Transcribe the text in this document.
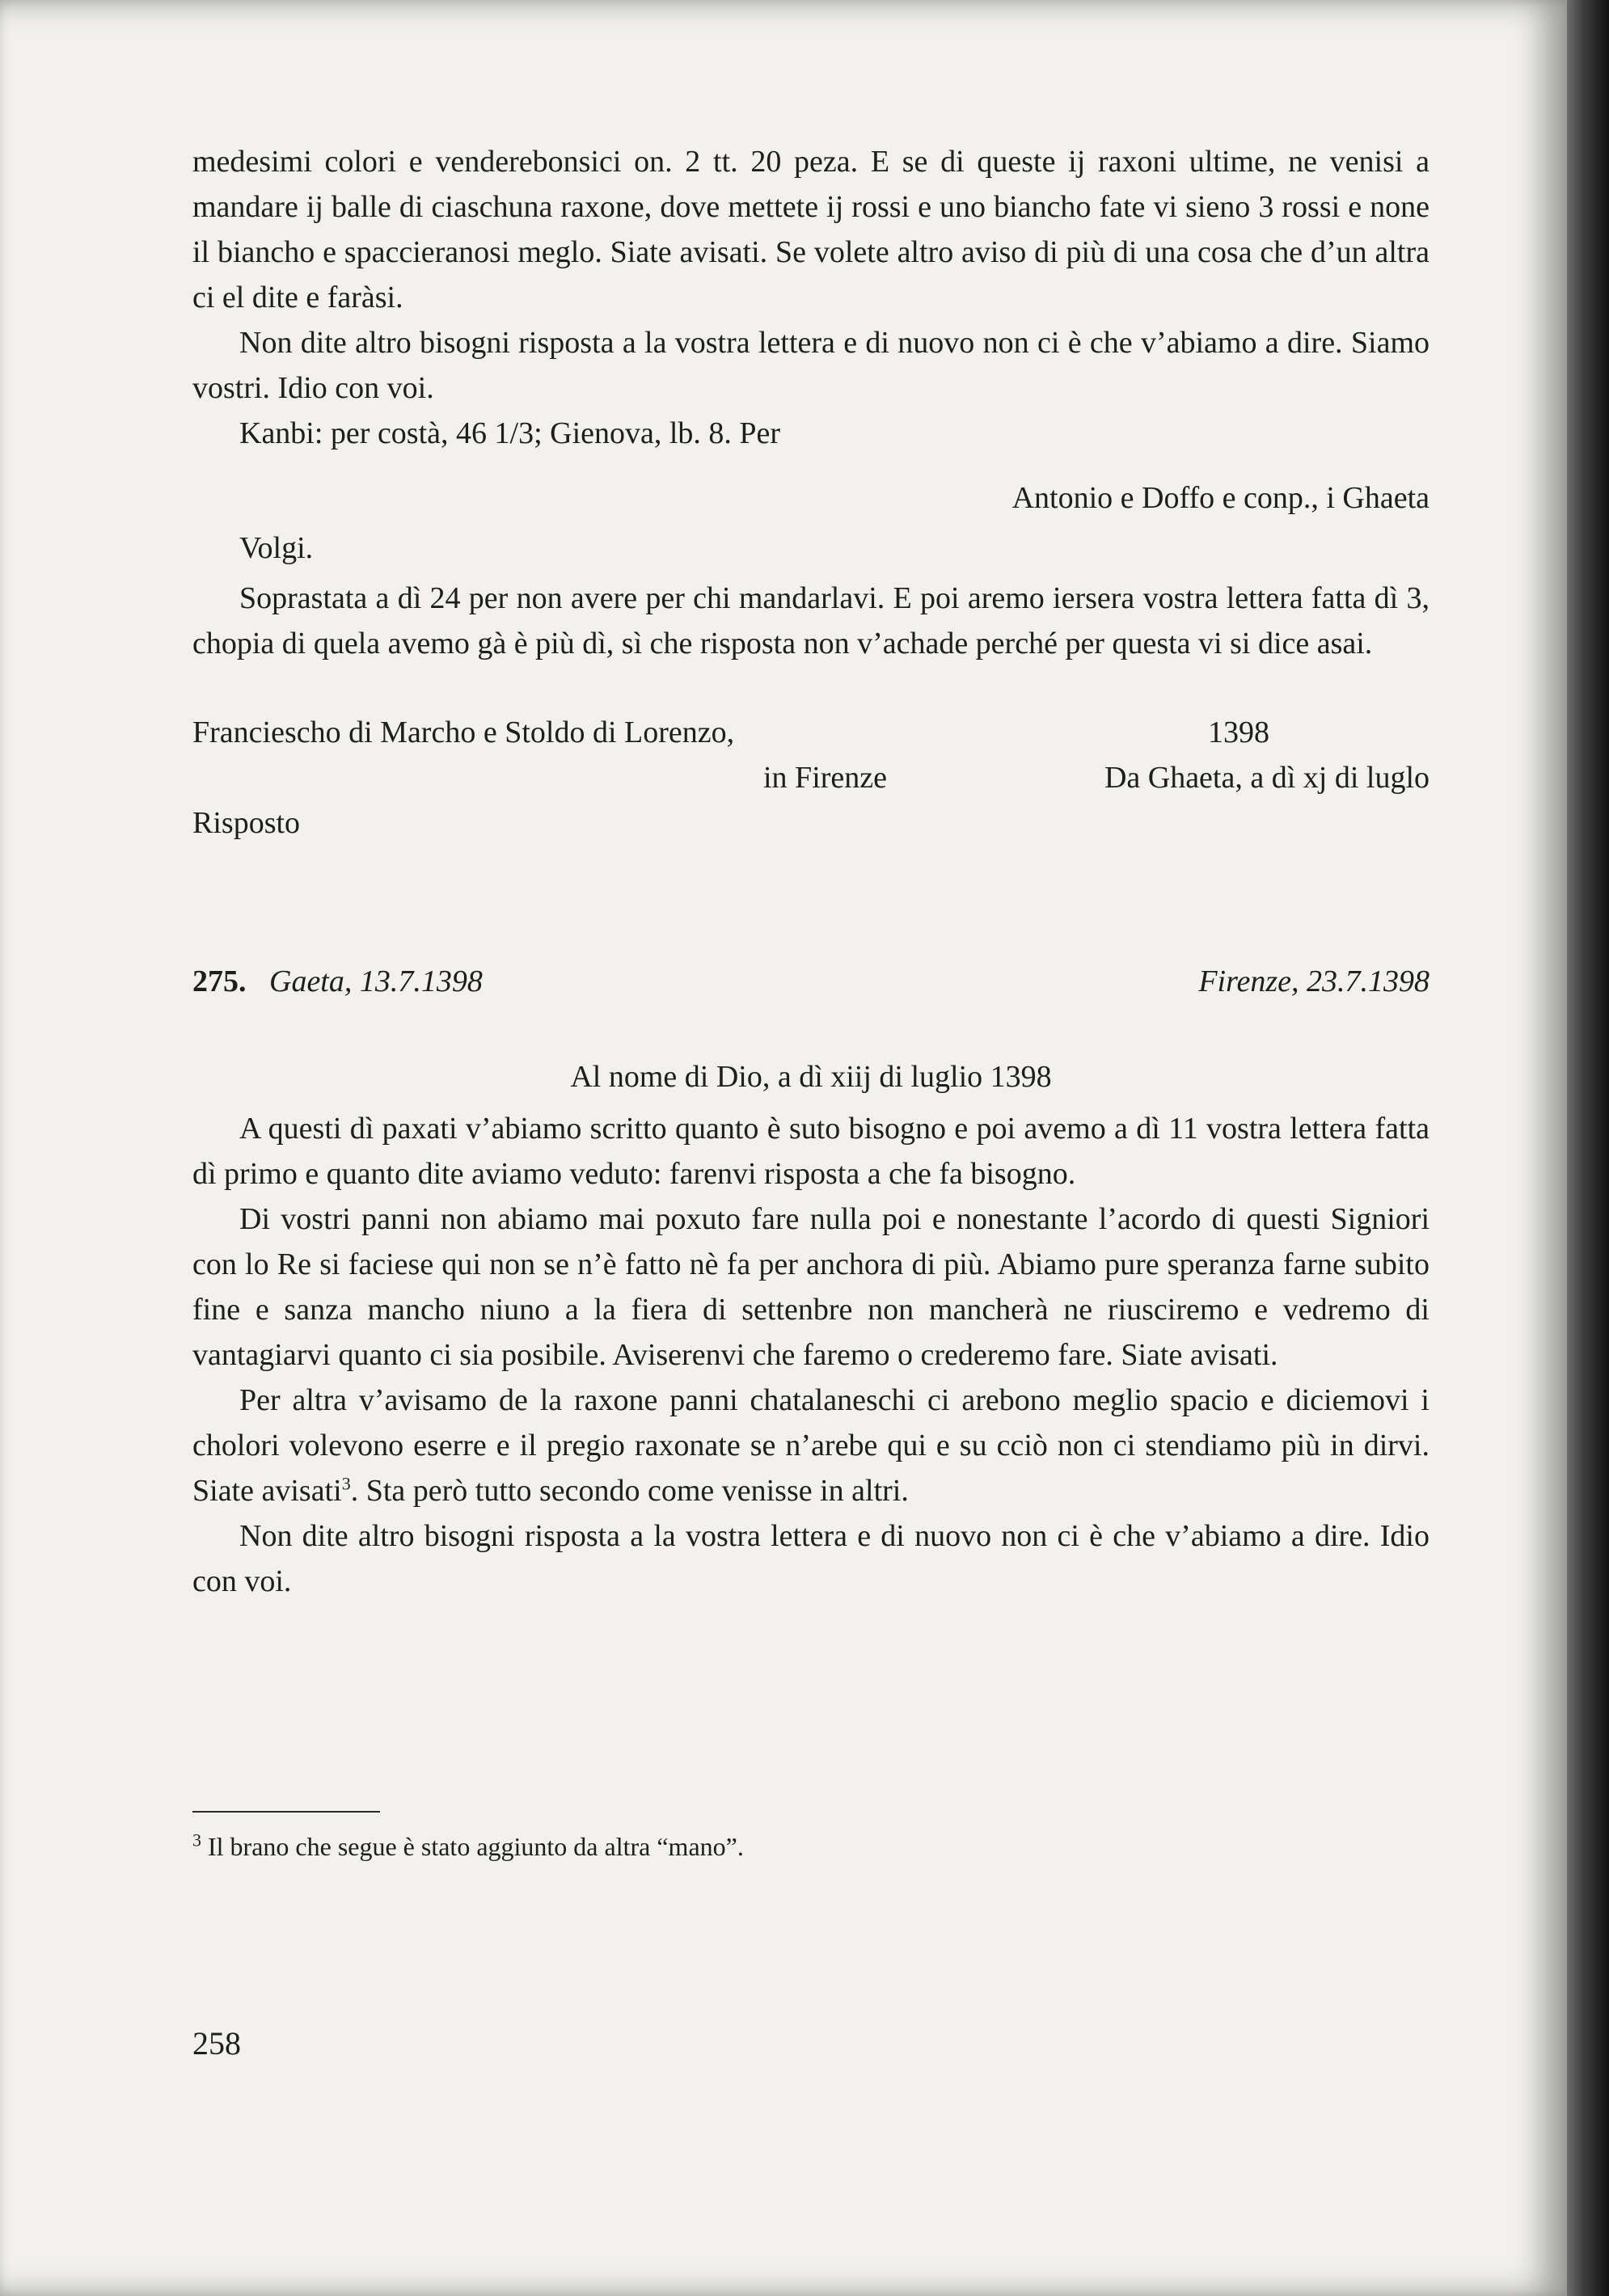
medesimi colori e venderebonsici on. 2 tt. 20 peza. E se di queste ij raxoni ultime, ne venisi a mandare ij balle di ciaschuna raxone, dove mettete ij rossi e uno biancho fate vi sieno 3 rossi e none il biancho e spaccieranosi meglo. Siate avisati. Se volete altro aviso di più di una cosa che d’un altra ci el dite e faràsi.

Non dite altro bisogni risposta a la vostra lettera e di nuovo non ci è che v’abiamo a dire. Siamo vostri. Idio con voi.

Kanbi: per costà, 46 1/3; Gienova, lb. 8. Per
Antonio e Doffo e conp., i Ghaeta
Volgi.

Soprastata a dì 24 per non avere per chi mandarlavi. E poi aremo iersera vostra lettera fatta dì 3, chopia di quela avemo gà è più dì, sì che risposta non v’achade perché per questa vi si dice asai.

Franciescho di Marcho e Stoldo di Lorenzo,	1398
in Firenze	Da Ghaeta, a dì xj di luglo
Risposto
275. Gaeta, 13.7.1398	Firenze, 23.7.1398
Al nome di Dio, a dì xiij di luglio 1398

A questi dì paxati v’abiamo scritto quanto è suto bisogno e poi avemo a dì 11 vostra lettera fatta dì primo e quanto dite aviamo veduto: farenvi risposta a che fa bisogno.

Di vostri panni non abiamo mai poxuto fare nulla poi e nonestante l’acordo di questi Signiori con lo Re si faciese qui non se n’è fatto nè fa per anchora di più. Abiamo pure speranza farne subito fine e sanza mancho niuno a la fiera di settenbre non mancherà ne riusciremo e vedremo di vantagiarvi quanto ci sia posibile. Aviserenvi che faremo o crederemo fare. Siate avisati.

Per altra v’avisamo de la raxone panni chatalaneschi ci arebono meglio spacio e diciemovi i cholori volevono eserre e il pregio raxonate se n’arebe qui e su cciò non ci stendiamo più in dirvi. Siate avisati$^3$. Sta però tutto secondo come venisse in altri.

Non dite altro bisogni risposta a la vostra lettera e di nuovo non ci è che v’abiamo a dire. Idio con voi.

$^3$ Il brano che segue è stato aggiunto da altra “mano”.
258
